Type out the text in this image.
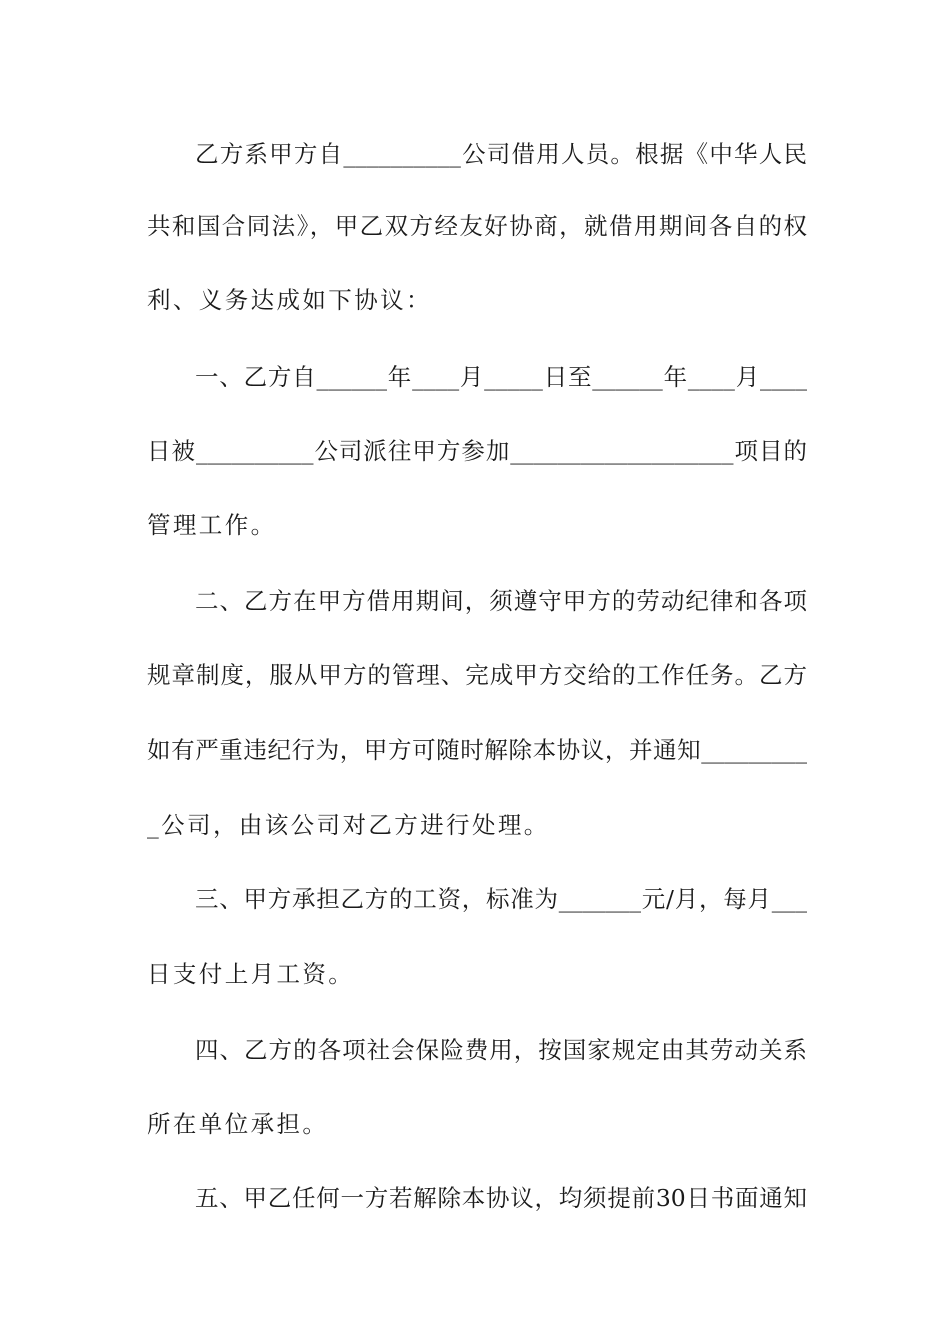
乙方系甲方自__________公司借用人员。根据《中华人民
共和国合同法》，甲乙双方经友好协商，就借用期间各自的权
利、义务达成如下协议：
一、乙方自______年____月_____日至______年____月____
日被__________公司派往甲方参加___________________项目的
管理工作。
二、乙方在甲方借用期间，须遵守甲方的劳动纪律和各项
规章制度，服从甲方的管理、完成甲方交给的工作任务。乙方
如有严重违纪行为，甲方可随时解除本协议，并通知_________
_公司，由该公司对乙方进行处理。
三、甲方承担乙方的工资，标准为_______元/月，每月___
日支付上月工资。
四、乙方的各项社会保险费用，按国家规定由其劳动关系
所在单位承担。
五、甲乙任何一方若解除本协议，均须提前30日书面通知
